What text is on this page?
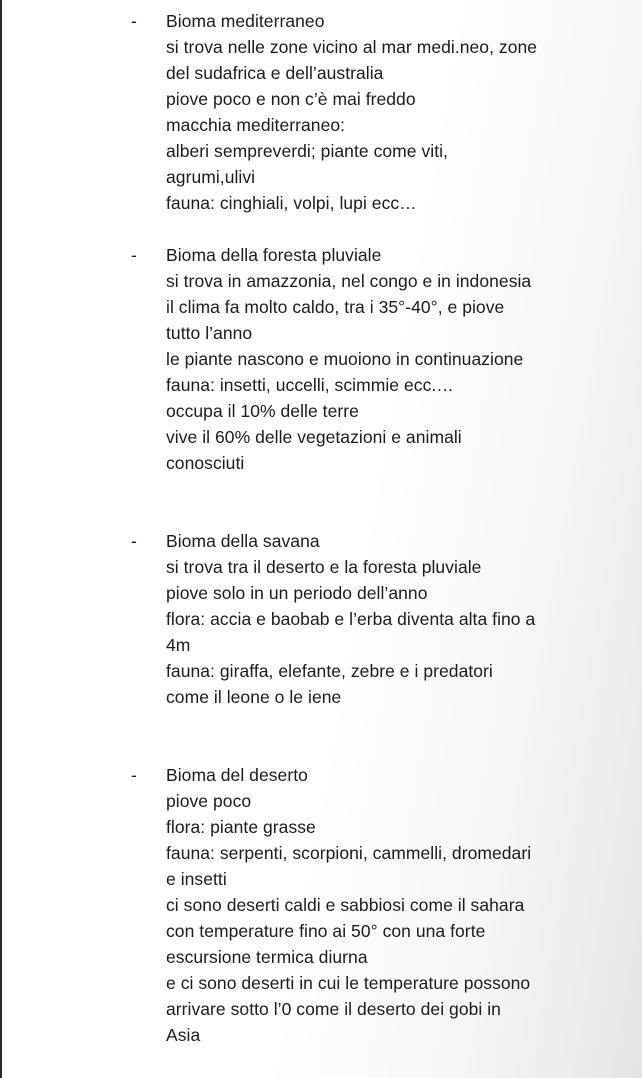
- Bioma mediterraneo
si trova nelle zone vicino al mar medi.neo, zone
del sudafrica e dell’australia
piove poco e non c’è mai freddo
macchia mediterraneo:
alberi sempreverdi; piante come viti,
agrumi,ulivi
fauna: cinghiali, volpi, lupi ecc…
- Bioma della foresta pluviale
si trova in amazzonia, nel congo e in indonesia
il clima fa molto caldo, tra i 35°-40°, e piove
tutto l’anno
le piante nascono e muoiono in continuazione
fauna: insetti, uccelli, scimmie ecc.…
occupa il 10% delle terre
vive il 60% delle vegetazioni e animali
conosciuti
- Bioma della savana
si trova tra il deserto e la foresta pluviale
piove solo in un periodo dell’anno
flora: accia e baobab e l’erba diventa alta fino a
4m
fauna: giraffa, elefante, zebre e i predatori
come il leone o le iene
- Bioma del deserto
piove poco
flora: piante grasse
fauna: serpenti, scorpioni, cammelli, dromedari
e insetti
ci sono deserti caldi e sabbiosi come il sahara
con temperature fino ai 50° con una forte
escursione termica diurna
e ci sono deserti in cui le temperature possono
arrivare sotto l’0 come il deserto dei gobi in
Asia
